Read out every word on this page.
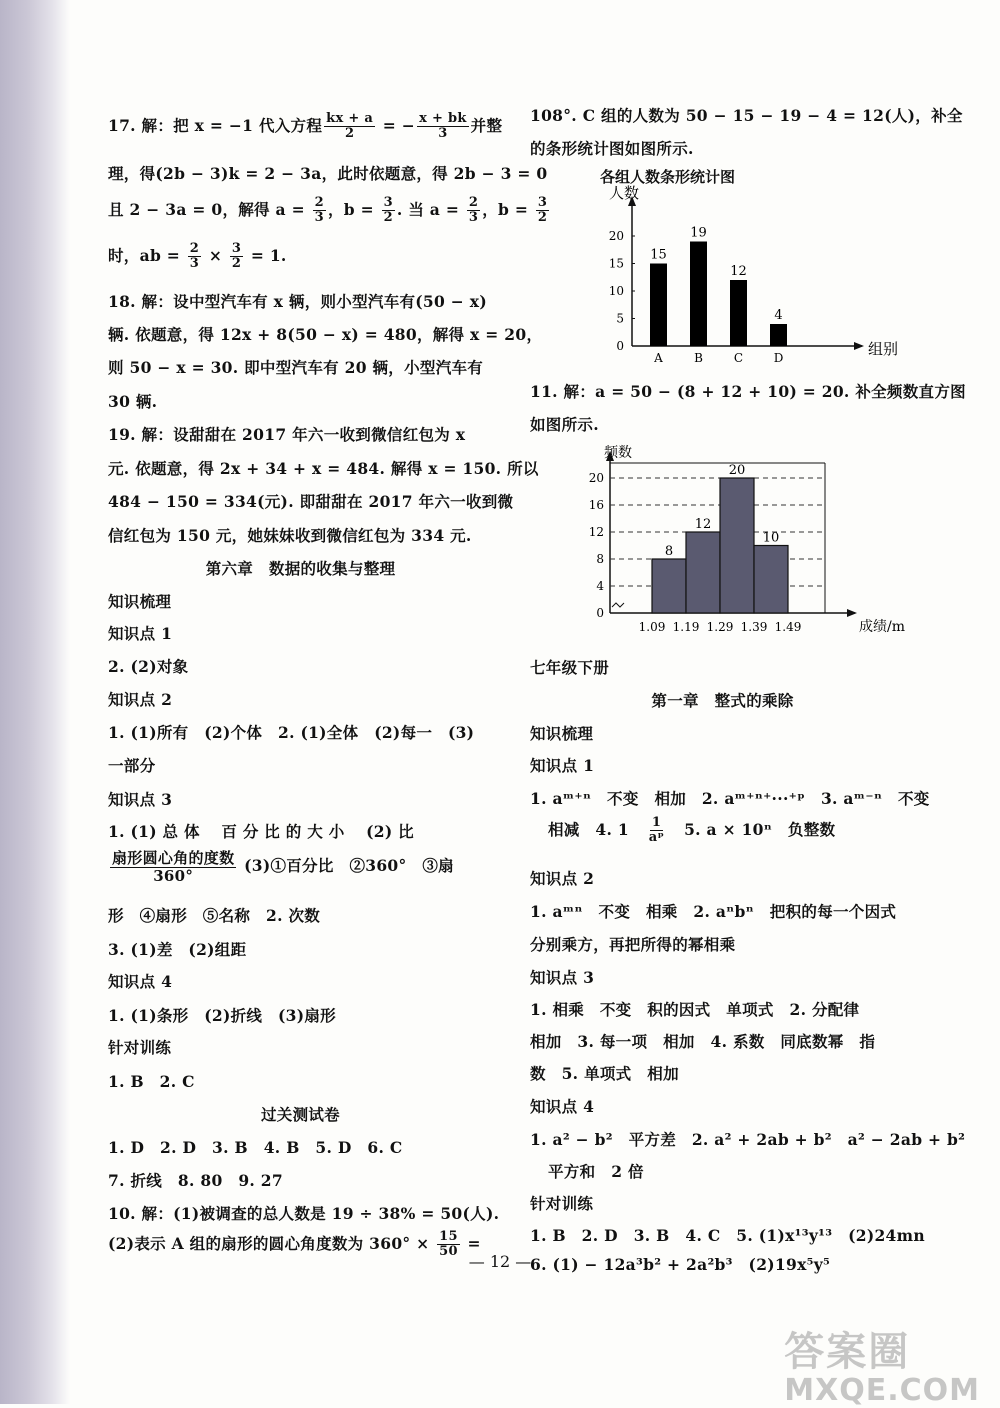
17. 解：把 x = −1 代入方程 $\frac{kx + a}{2}$ = − $\frac{x + bk}{3}$ 并整
理，得(2b − 3)k = 2 − 3a，此时依题意，得 2b − 3 = 0
且 2 − 3a = 0，解得 $a = \frac{2}{3}$ ，$b = \frac{3}{2}$ . 当 $a = \frac{2}{3}$ ，$b = \frac{3}{2}$
时，ab = $\frac{2}{3} \times \frac{3}{2} = 1$.
18. 解：设中型汽车有 x 辆，则小型汽车有(50 − x)
辆. 依题意，得 12x + 8(50 − x) = 480，解得 x = 20，
则 50 − x = 30. 即中型汽车有 20 辆，小型汽车有
30 辆.
19. 解：设甜甜在 2017 年六一收到微信红包为 x
元. 依题意，得 2x + 34 + x = 484. 解得 x = 150. 所以
484 − 150 = 334(元). 即甜甜在 2017 年六一收到微
信红包为 150 元，她妹妹收到微信红包为 334 元.
第六章　数据的收集与整理
知识梳理
知识点 1
2. (2)对象
知识点 2
1. (1)所有　(2)个体　2. (1)全体　(2)每一　(3)
一部分
知识点 3
1. (1) 总 体　 百 分 比 的 大 小　 (2) 比
$\frac{\text{扇形圆心角的度数}}{360^\circ}$ (3)①百分比　②360°　③扇
形　④扇形　⑤名称　2. 次数
3. (1)差　(2)组距
知识点 4
1. (1)条形　(2)折线　(3)扇形
针对训练
1. B　2. C
过关测试卷
1. D　2. D　3. B　4. B　5. D　6. C
7. 折线　8. 80　9. 27
10. 解：(1)被调查的总人数是 19 ÷ 38% = 50(人).
(2)表示 A 组的扇形的圆心角度数为 $360^\circ \times \frac{15}{50}$ =
108°. C 组的人数为 50 − 15 − 19 − 4 = 12(人)，补全
的条形统计图如图所示.
各组人数条形统计图
人数
组别
0
5
10
15
20
15
A
19
B
12
C
4
D
11. 解：a = 50 − (8 + 12 + 10) = 20. 补全频数直方图
如图所示.
频数
成绩/m
0
4
8
12
16
20
1.09 1.19 1.29 1.39 1.49
8
12
20
10
七年级下册
第一章　整式的乘除
知识梳理
知识点 1
1. aᵐ⁺ⁿ　不变　相加　2. aᵐ⁺ⁿ⁺···⁺ᵖ　3. aᵐ⁻ⁿ　不变
相减　4. 1　 $\frac{1}{\text{aᵖ}}$ 　5. a × 10ⁿ　负整数
知识点 2
1. aᵐⁿ　不变　相乘　2. aⁿbⁿ　把积的每一个因式
分别乘方，再把所得的幂相乘
知识点 3
1. 相乘　不变　积的因式　单项式　2. 分配律
相加　3. 每一项　相加　4. 系数　同底数幂　指
数　5. 单项式　相加
知识点 4
1. a² − b²　平方差　2. a² + 2ab + b²　a² − 2ab + b²
平方和　2 倍
针对训练
1. B　2. D　3. B　4. C　5. (1)x¹³y¹³　(2)24mn
6. (1) − 12a³b² + 2a²b³　(2)19x⁵y⁵
— 12 —
答案圈
MXQE.COM
